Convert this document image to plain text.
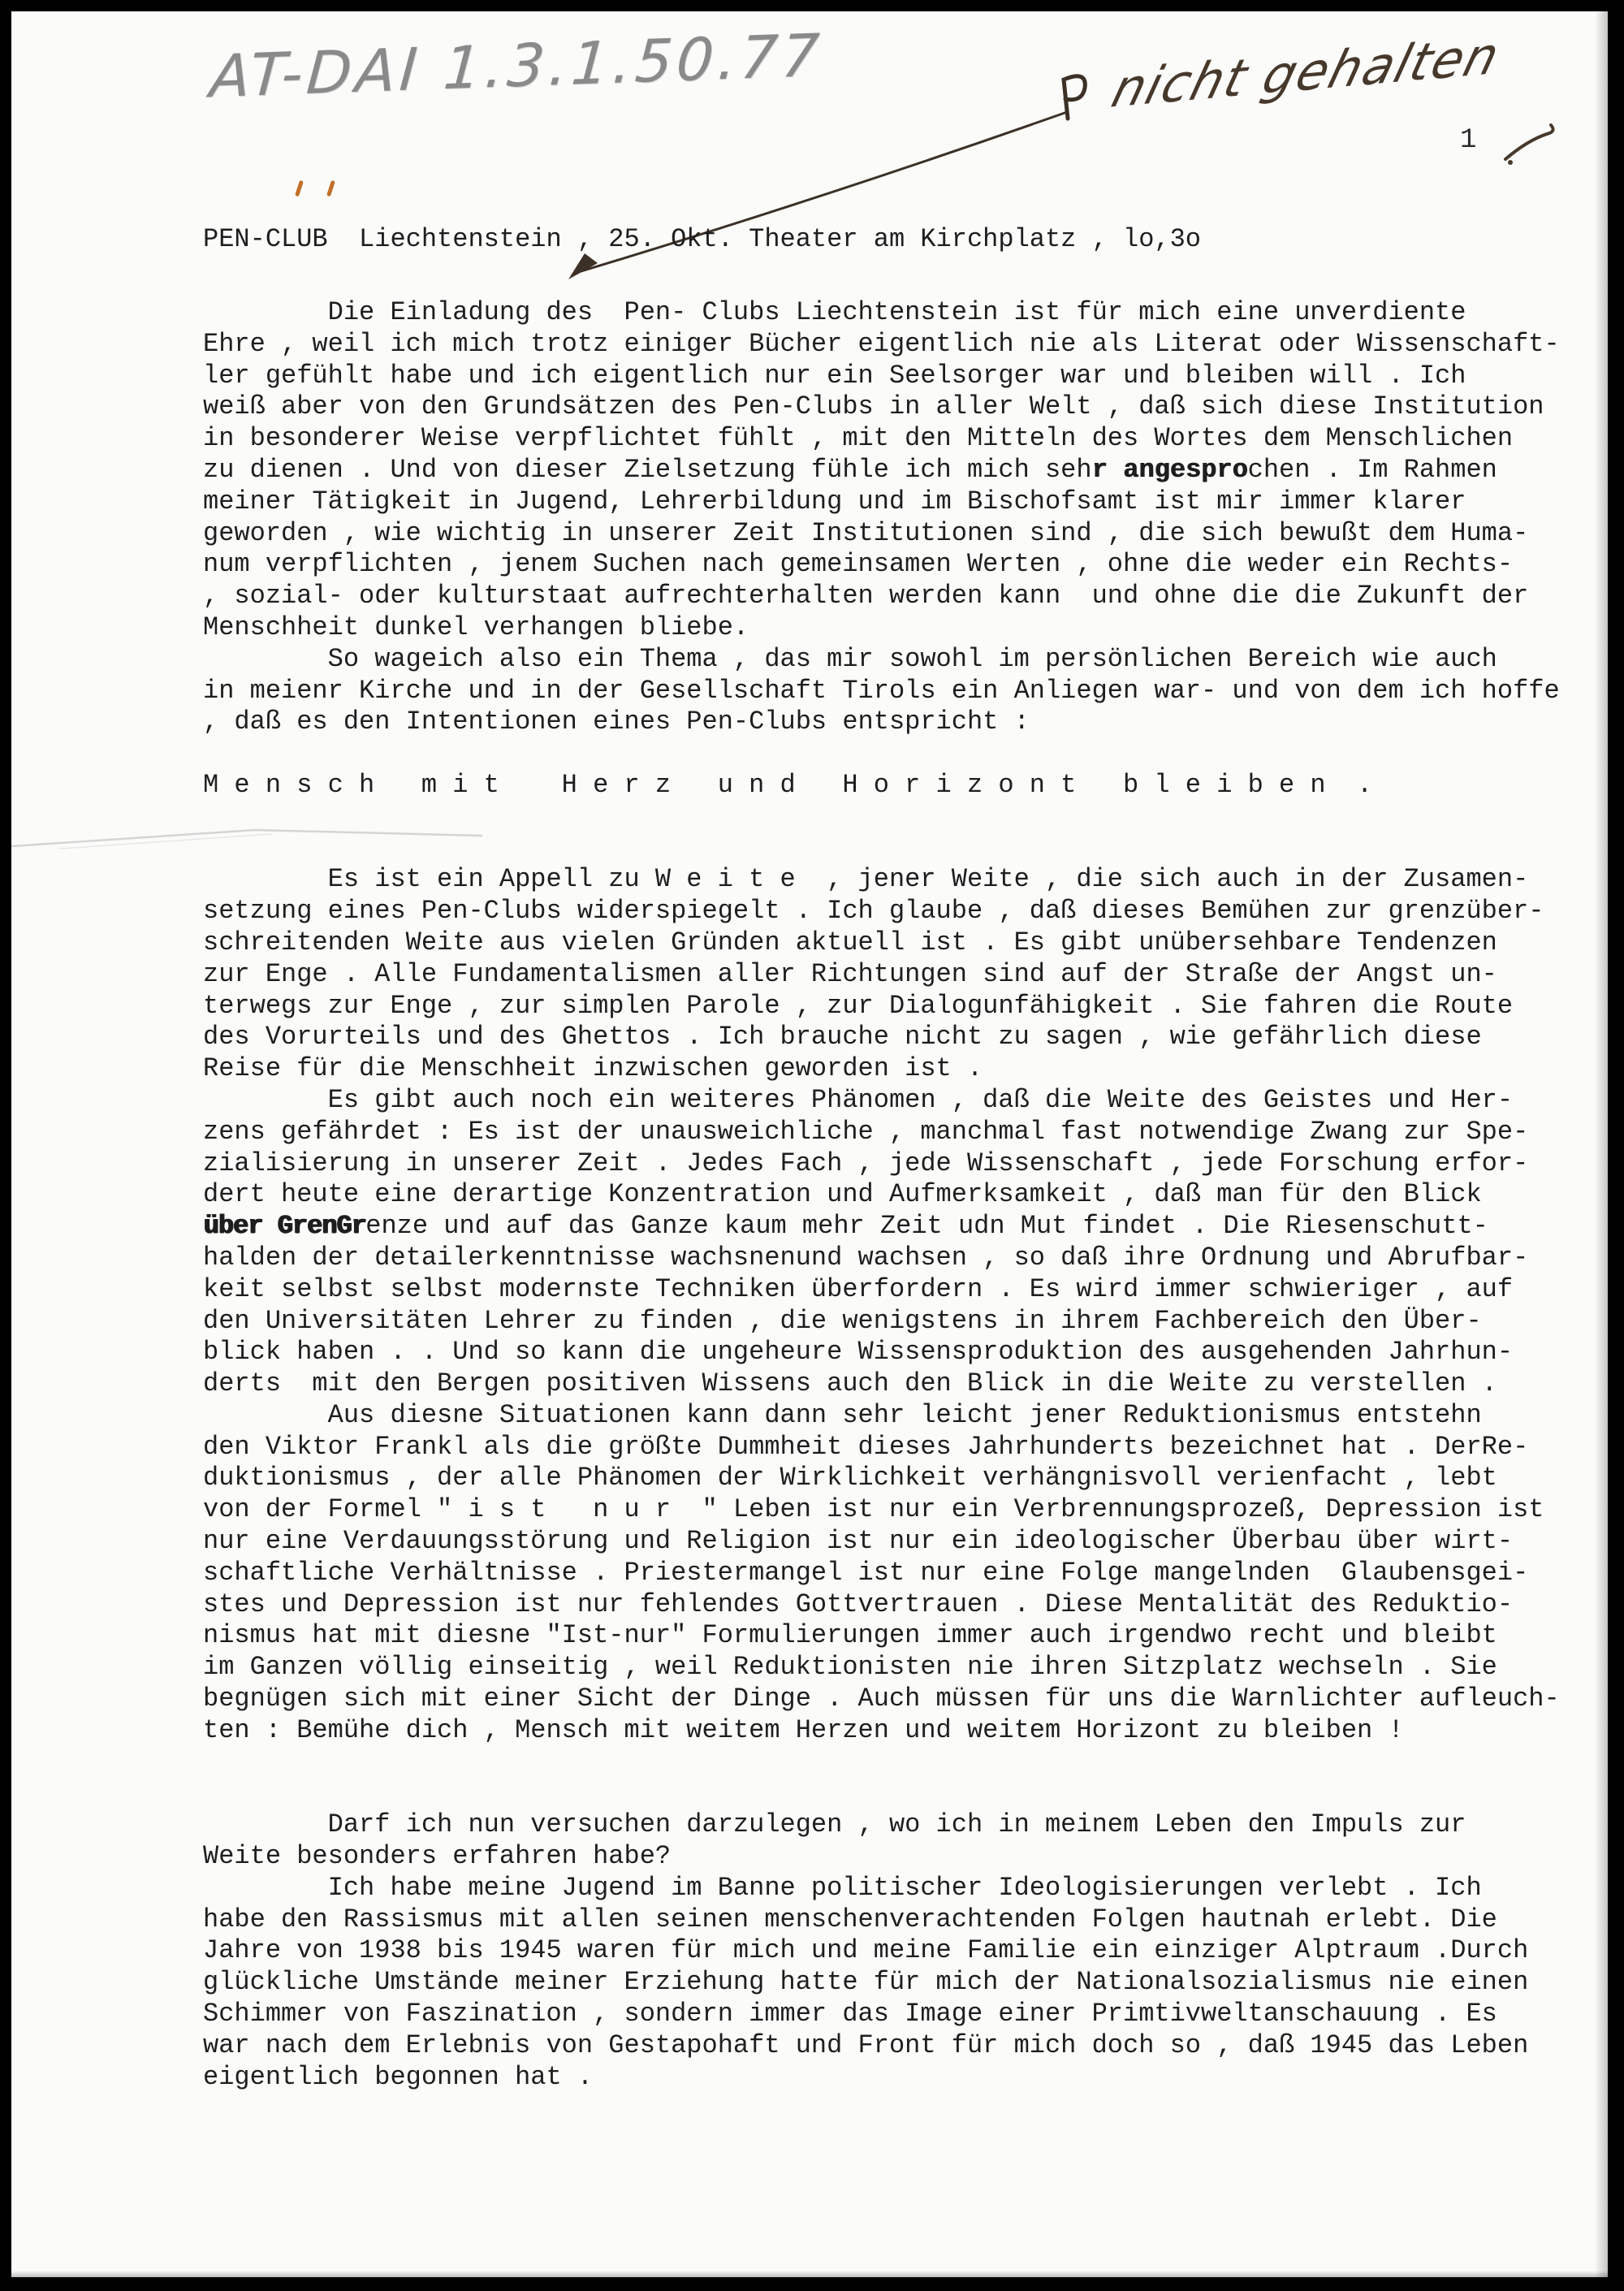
AT-DAI 1.3.1.50.77	nicht gehalten
1
PEN-CLUB  Liechtenstein , 25. Okt. Theater am Kirchplatz , lo,3o
Die Einladung des  Pen- Clubs Liechtenstein ist für mich eine unverdiente
Ehre , weil ich mich trotz einiger Bücher eigentlich nie als Literat oder Wissenschaft-
ler gefühlt habe und ich eigentlich nur ein Seelsorger war und bleiben will . Ich
weiß aber von den Grundsätzen des Pen-Clubs in aller Welt , daß sich diese Institution
in besonderer Weise verpflichtet fühlt , mit den Mitteln des Wortes dem Menschlichen
zu dienen . Und von dieser Zielsetzung fühle ich mich sehr angesprochen . Im Rahmen
meiner Tätigkeit in Jugend, Lehrerbildung und im Bischofsamt ist mir immer klarer
geworden , wie wichtig in unserer Zeit Institutionen sind , die sich bewußt dem Huma-
num verpflichten , jenem Suchen nach gemeinsamen Werten , ohne die weder ein Rechts-
, sozial- oder kulturstaat aufrechterhalten werden kann  und ohne die die Zukunft der
Menschheit dunkel verhangen bliebe.
So wageich also ein Thema , das mir sowohl im persönlichen Bereich wie auch
in meienr Kirche und in der Gesellschaft Tirols ein Anliegen war- und von dem ich hoffe
, daß es den Intentionen eines Pen-Clubs entspricht :

M e n s c h   m i t    H e r z   u n d   H o r i z o n t   b l e i b e n  .

Es ist ein Appell zu W e i t e  , jener Weite , die sich auch in der Zusamen-
setzung eines Pen-Clubs widerspiegelt . Ich glaube , daß dieses Bemühen zur grenzüber-
schreitenden Weite aus vielen Gründen aktuell ist . Es gibt unübersehbare Tendenzen
zur Enge . Alle Fundamentalismen aller Richtungen sind auf der Straße der Angst un-
terwegs zur Enge , zur simplen Parole , zur Dialogunfähigkeit . Sie fahren die Route
des Vorurteils und des Ghettos . Ich brauche nicht zu sagen , wie gefährlich diese
Reise für die Menschheit inzwischen geworden ist .
Es gibt auch noch ein weiteres Phänomen , daß die Weite des Geistes und Her-
zens gefährdet : Es ist der unausweichliche , manchmal fast notwendige Zwang zur Spe-
zialisierung in unserer Zeit . Jedes Fach , jede Wissenschaft , jede Forschung erfor-
dert heute eine derartige Konzentration und Aufmerksamkeit , daß man für den Blick
über GrenGrenze und auf das Ganze kaum mehr Zeit udn Mut findet . Die Riesenschutt-
halden der detailerkenntnisse wachsnenund wachsen , so daß ihre Ordnung und Abrufbar-
keit selbst selbst modernste Techniken überfordern . Es wird immer schwieriger , auf
den Universitäten Lehrer zu finden , die wenigstens in ihrem Fachbereich den Über-
blick haben . . Und so kann die ungeheure Wissensproduktion des ausgehenden Jahrhun-
derts  mit den Bergen positiven Wissens auch den Blick in die Weite zu verstellen .
Aus diesne Situationen kann dann sehr leicht jener Reduktionismus entstehn
den Viktor Frankl als die größte Dummheit dieses Jahrhunderts bezeichnet hat . DerRe-
duktionismus , der alle Phänomen der Wirklichkeit verhängnisvoll verienfacht , lebt
von der Formel " i s t   n u r  " Leben ist nur ein Verbrennungsprozeß, Depression ist
nur eine Verdauungsstörung und Religion ist nur ein ideologischer Überbau über wirt-
schaftliche Verhältnisse . Priestermangel ist nur eine Folge mangelnden  Glaubensgei-
stes und Depression ist nur fehlendes Gottvertrauen . Diese Mentalität des Reduktio-
nismus hat mit diesne "Ist-nur" Formulierungen immer auch irgendwo recht und bleibt
im Ganzen völlig einseitig , weil Reduktionisten nie ihren Sitzplatz wechseln . Sie
begnügen sich mit einer Sicht der Dinge . Auch müssen für uns die Warnlichter aufleuch-
ten : Bemühe dich , Mensch mit weitem Herzen und weitem Horizont zu bleiben !

Darf ich nun versuchen darzulegen , wo ich in meinem Leben den Impuls zur
Weite besonders erfahren habe?
Ich habe meine Jugend im Banne politischer Ideologisierungen verlebt . Ich
habe den Rassismus mit allen seinen menschenverachtenden Folgen hautnah erlebt. Die
Jahre von 1938 bis 1945 waren für mich und meine Familie ein einziger Alptraum .Durch
glückliche Umstände meiner Erziehung hatte für mich der Nationalsozialismus nie einen
Schimmer von Faszination , sondern immer das Image einer Primtivweltanschauung . Es
war nach dem Erlebnis von Gestapohaft und Front für mich doch so , daß 1945 das Leben
eigentlich begonnen hat .
